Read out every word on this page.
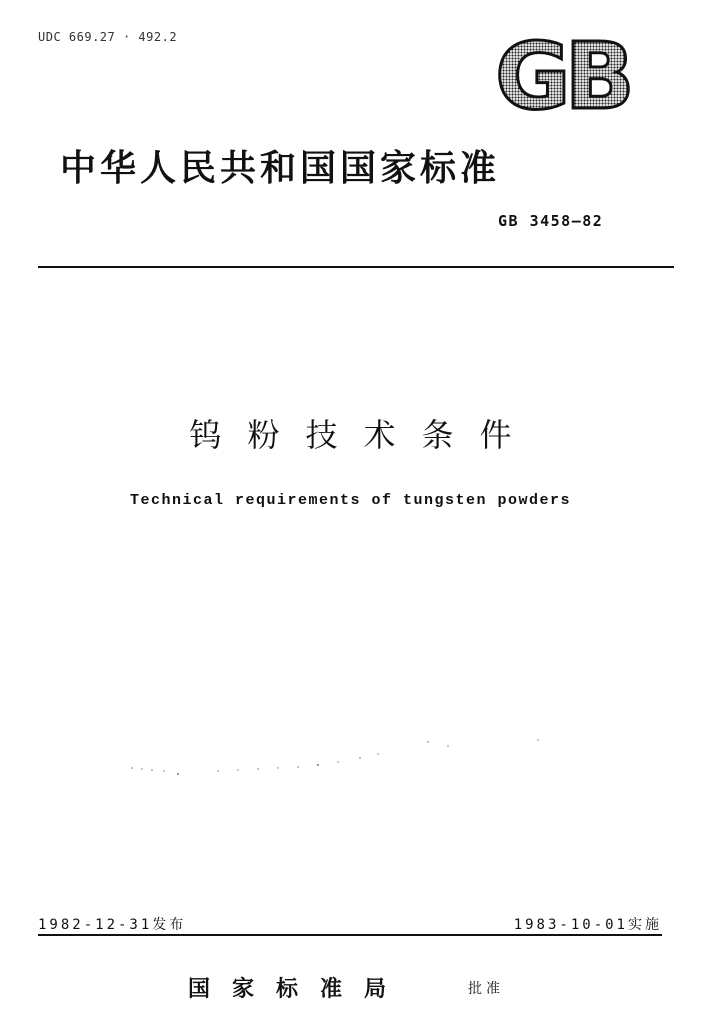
UDC 669.27 · 492.2	GB
中华人民共和国国家标准
GB 3458—82
钨粉技术条件
Technical requirements of tungsten powders
1982-12-31发布	1983-10-01实施
国家标准局	批准
